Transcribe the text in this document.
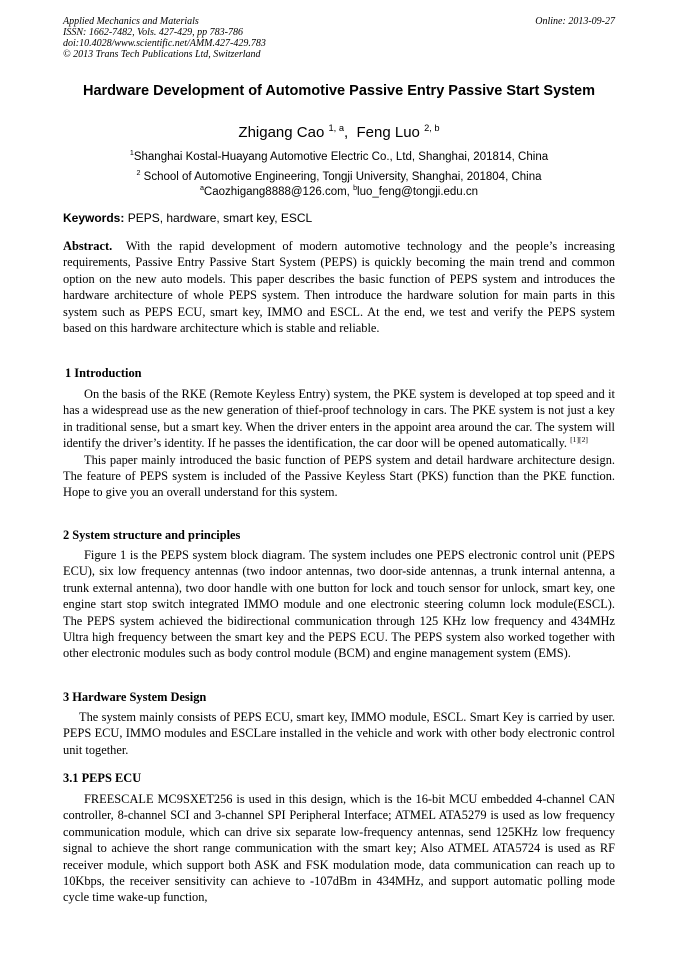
Applied Mechanics and Materials
ISSN: 1662-7482, Vols. 427-429, pp 783-786
doi:10.4028/www.scientific.net/AMM.427-429.783
© 2013 Trans Tech Publications Ltd, Switzerland
Online: 2013-09-27
Hardware Development of Automotive Passive Entry Passive Start System
Zhigang Cao $^{1, a}$, Feng Luo $^{2, b}$
$^1$Shanghai Kostal-Huayang Automotive Electric Co., Ltd, Shanghai, 201814, China
$^2$ School of Automotive Engineering, Tongji University, Shanghai, 201804, China
$^a$Caozhigang8888@126.com, $^b$luo_feng@tongji.edu.cn
Keywords: PEPS, hardware, smart key, ESCL

Abstract. With the rapid development of modern automotive technology and the people’s increasing requirements, Passive Entry Passive Start System (PEPS) is quickly becoming the main trend and common option on the new auto models. This paper describes the basic function of PEPS system and introduces the hardware architecture of whole PEPS system. Then introduce the hardware solution for main parts in this system such as PEPS ECU, smart key, IMMO and ESCL. At the end, we test and verify the PEPS system based on this hardware architecture which is stable and reliable.

1 Introduction

On the basis of the RKE (Remote Keyless Entry) system, the PKE system is developed at top speed and it has a widespread use as the new generation of thief-proof technology in cars. The PKE system is not just a key in traditional sense, but a smart key. When the driver enters in the appoint area around the car. The system will identify the driver’s identity. If he passes the identification, the car door will be opened automatically. [1][2]

This paper mainly introduced the basic function of PEPS system and detail hardware architecture design. The feature of PEPS system is included of the Passive Keyless Start (PKS) function than the PKE function. Hope to give you an overall understand for this system.

2 System structure and principles

Figure 1 is the PEPS system block diagram. The system includes one PEPS electronic control unit (PEPS ECU), six low frequency antennas (two indoor antennas, two door-side antennas, a trunk internal antenna, a trunk external antenna), two door handle with one button for lock and touch sensor for unlock, smart key, one engine start stop switch integrated IMMO module and one electronic steering column lock module(ESCL). The PEPS system achieved the bidirectional communication through 125 KHz low frequency and 434MHz Ultra high frequency between the smart key and the PEPS ECU. The PEPS system also worked together with other electronic modules such as body control module (BCM) and engine management system (EMS).

3 Hardware System Design

The system mainly consists of PEPS ECU, smart key, IMMO module, ESCL. Smart Key is carried by user. PEPS ECU, IMMO modules and ESCLare installed in the vehicle and work with other body electronic control unit together.

3.1 PEPS ECU

FREESCALE MC9SXET256 is used in this design, which is the 16-bit MCU embedded 4-channel CAN controller, 8-channel SCI and 3-channel SPI Peripheral Interface; ATMEL ATA5279 is used as low frequency communication module, which can drive six separate low-frequency antennas, send 125KHz low frequency signal to achieve the short range communication with the smart key; Also ATMEL ATA5724 is used as RF receiver module, which support both ASK and FSK modulation mode, data communication can reach up to 10Kbps, the receiver sensitivity can achieve to -107dBm in 434MHz, and support automatic polling mode cycle time wake-up function,
